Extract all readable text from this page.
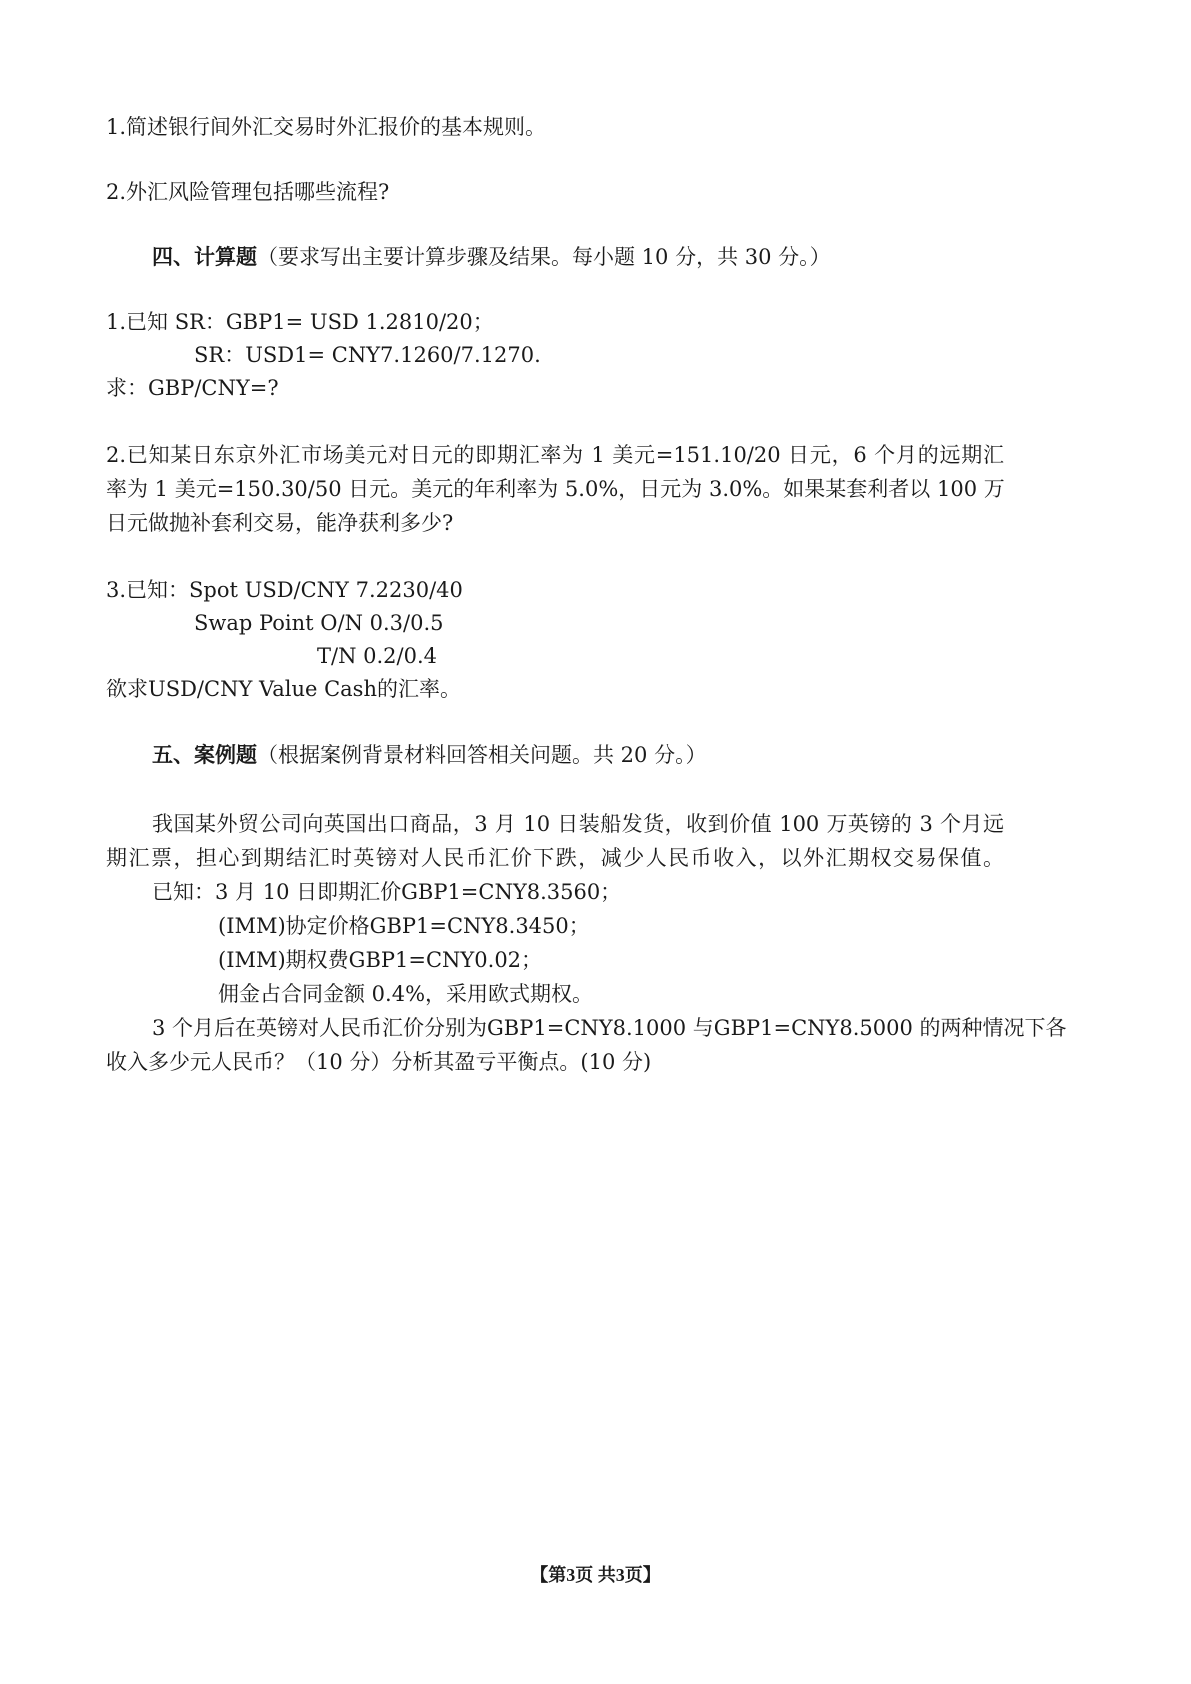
1.简述银行间外汇交易时外汇报价的基本规则。
2.外汇风险管理包括哪些流程?
四、计算题（要求写出主要计算步骤及结果。每小题 10 分，共 30 分。）
1.已知 SR：GBP1= USD 1.2810/20；
SR：USD1= CNY7.1260/7.1270.
求：GBP/CNY=?
2.已知某日东京外汇市场美元对日元的即期汇率为 1 美元=151.10/20 日元，6 个月的远期汇
率为 1 美元=150.30/50 日元。美元的年利率为 5.0%，日元为 3.0%。如果某套利者以 100 万
日元做抛补套利交易，能净获利多少?
3.已知：Spot USD/CNY 7.2230/40
Swap Point O/N 0.3/0.5
T/N 0.2/0.4
欲求USD/CNY Value Cash的汇率。
五、案例题（根据案例背景材料回答相关问题。共 20 分。）
我国某外贸公司向英国出口商品，3 月 10 日装船发货，收到价值 100 万英镑的 3 个月远
期汇票，担心到期结汇时英镑对人民币汇价下跌，减少人民币收入，以外汇期权交易保值。
已知：3 月 10 日即期汇价GBP1=CNY8.3560；
(IMM)协定价格GBP1=CNY8.3450；
(IMM)期权费GBP1=CNY0.02；
佣金占合同金额 0.4%，采用欧式期权。
3 个月后在英镑对人民币汇价分别为GBP1=CNY8.1000 与GBP1=CNY8.5000 的两种情况下各
收入多少元人民币？（10 分）分析其盈亏平衡点。(10 分)
【第3页 共3页】
